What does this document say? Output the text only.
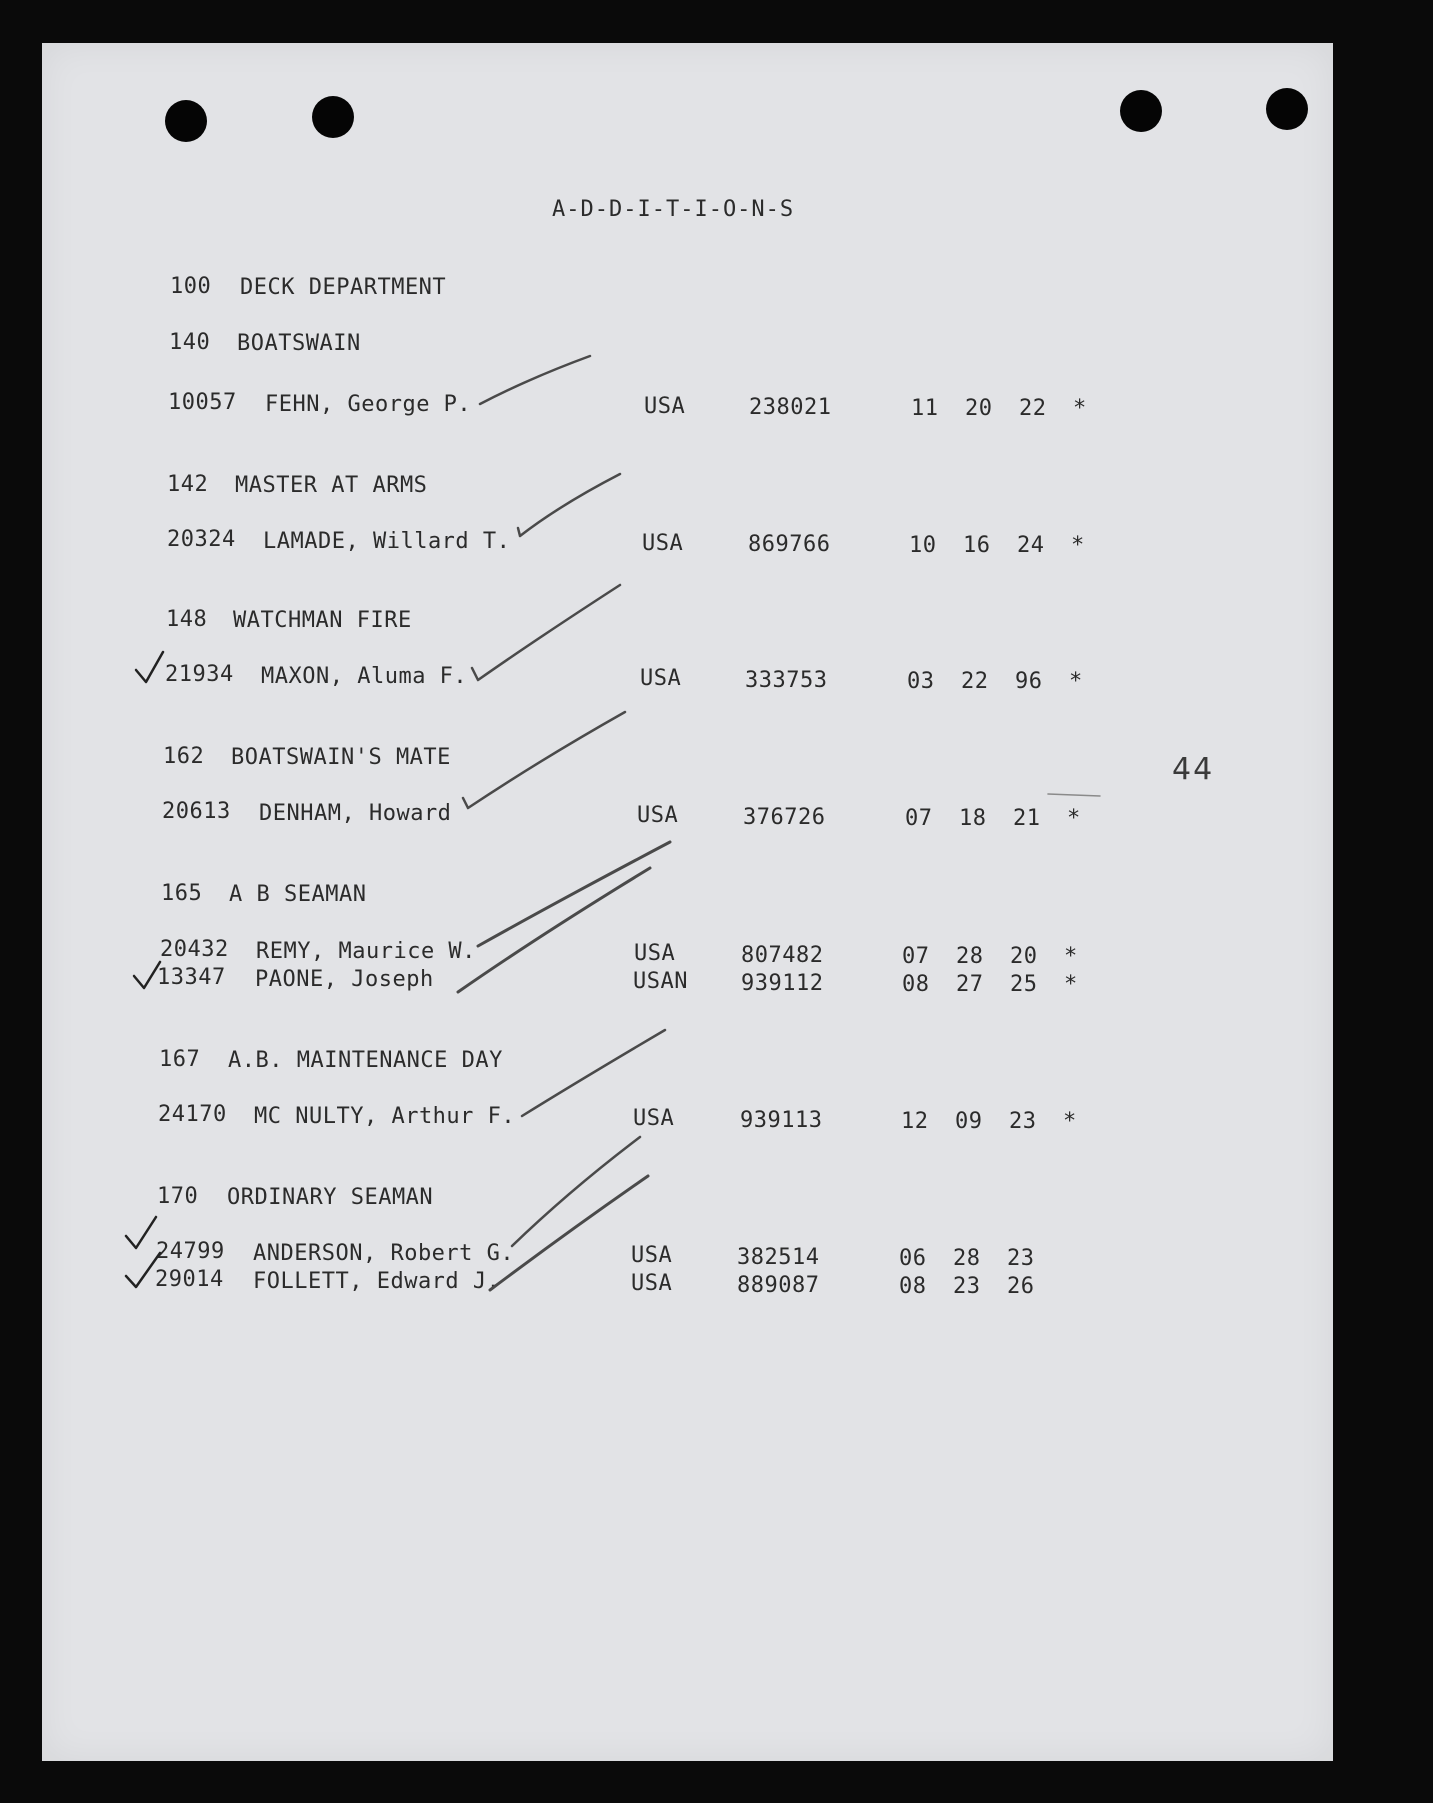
A-D-D-I-T-I-O-N-S
100 DECK DEPARTMENT
44
140 BOATSWAIN
10057 FEHN, George P.	USA	238021	11 20 22 *
142 MASTER AT ARMS
20324 LAMADE, Willard T.	USA	869766	10 16 24 *
148 WATCHMAN FIRE
21934 MAXON, Aluma F.	USA	333753	03 22 96 *
162 BOATSWAIN'S MATE
20613 DENHAM, Howard	USA	376726	07 18 21 *
165 A B SEAMAN
20432 REMY, Maurice W.	USA	807482	07 28 20 *
13347 PAONE, Joseph	USAN 939112	08 27 25 *
167 A.B. MAINTENANCE DAY
24170 MC NULTY, Arthur F.	USA	939113	12 09 23 *
170 ORDINARY SEAMAN
24799 ANDERSON, Robert G.	USA	382514	06 28 23
29014 FOLLETT, Edward J.	USA	889087	08 23 26
